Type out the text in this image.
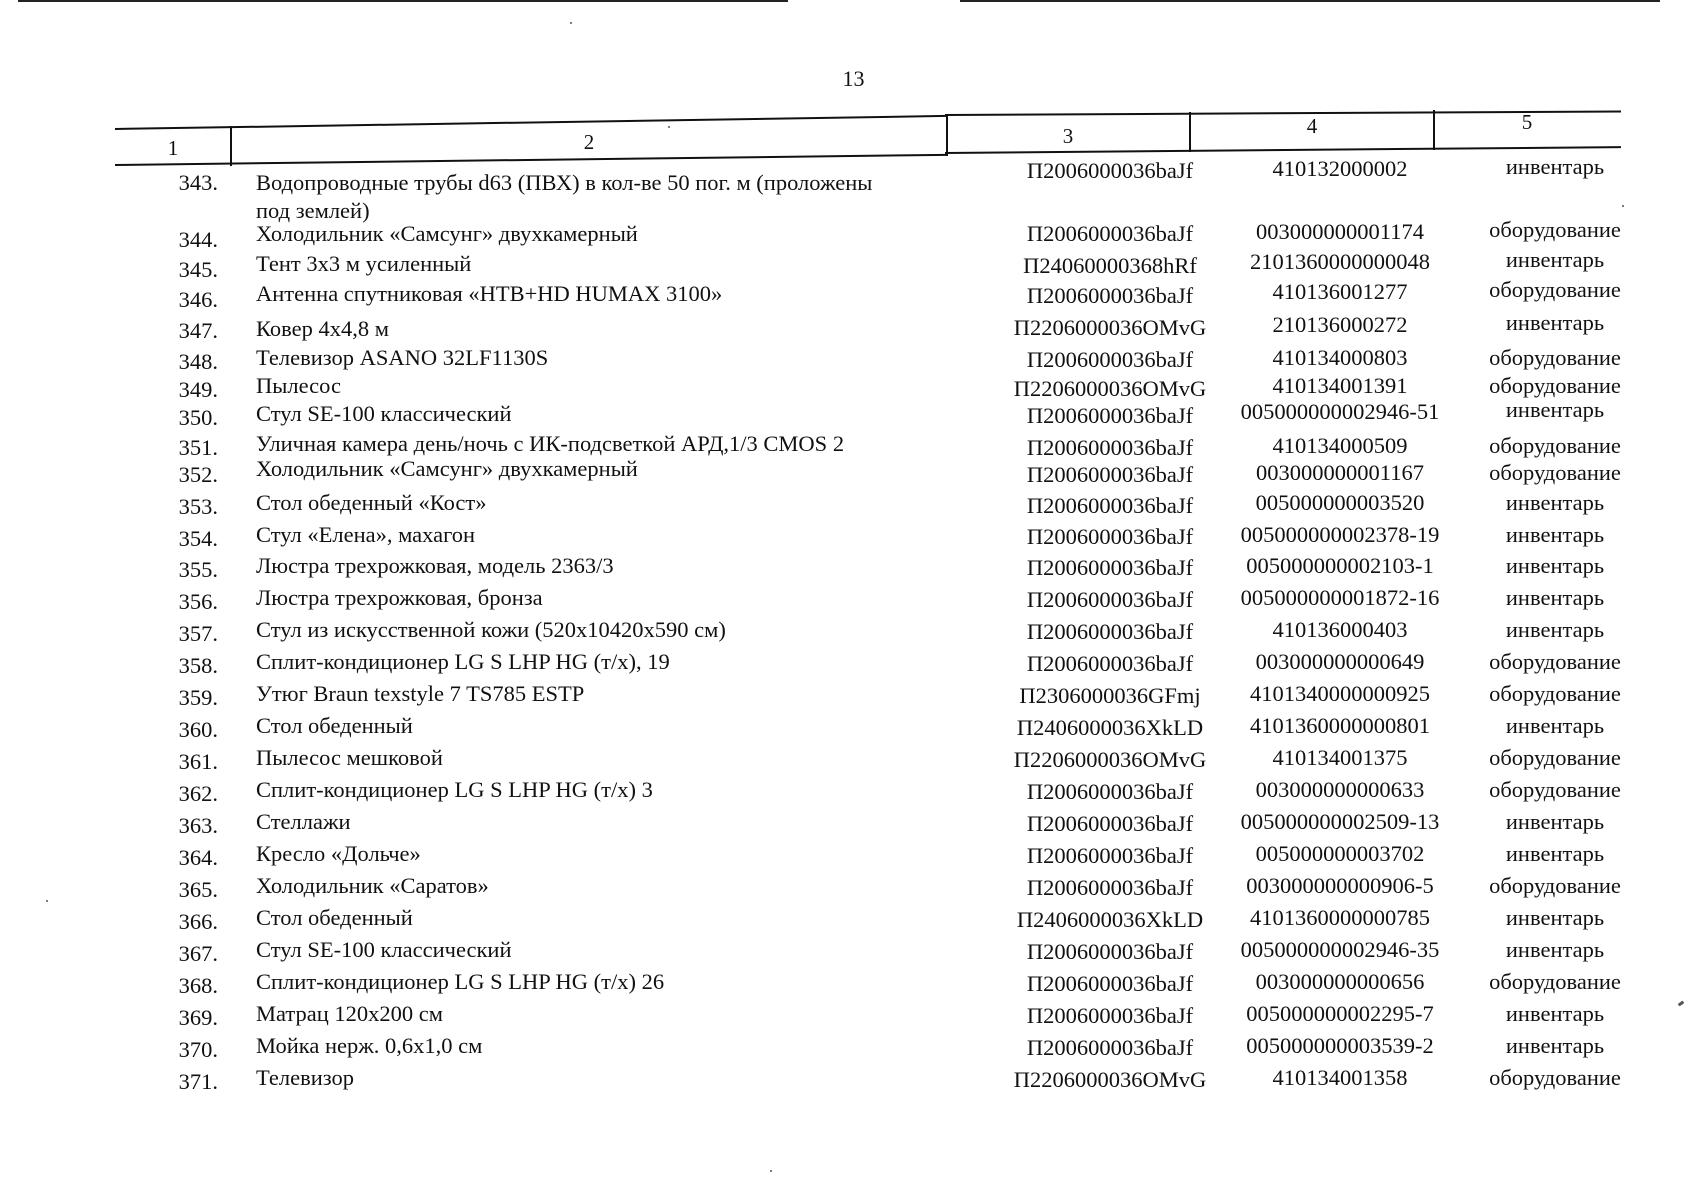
13
1	2	3	4	5
343. Водопроводные трубы d63 (ПВХ) в кол-ве 50 пог. м (проложены	П2006000036baJf	410132000002	инвентарь
под землей)
344. Холодильник «Самсунг» двухкамерный	П2006000036baJf	003000000001174	оборудование
345. Тент 3x3 м усиленный	П24060000368hRf	2101360000000048	инвентарь
346. Антенна спутниковая «НТВ+HD HUMAX 3100»	П2006000036baJf	410136001277	оборудование
347. Ковер 4x4,8 м	П2206000036OMvG	210136000272	инвентарь
348. Телевизор ASANO 32LF1130S	П2006000036baJf	410134000803	оборудование
349. Пылесос	П2206000036OMvG	410134001391	оборудование
350. Стул SE-100 классический	П2006000036baJf	005000000002946-51	инвентарь
351. Уличная камера день/ночь с ИК-подсветкой АРД,1/3 CMOS 2	П2006000036baJf	410134000509	оборудование
352. Холодильник «Самсунг» двухкамерный	П2006000036baJf	003000000001167	оборудование
353. Стол обеденный «Кост»	П2006000036baJf	005000000003520	инвентарь
354. Стул «Елена», махагон	П2006000036baJf	005000000002378-19	инвентарь
355. Люстра трехрожковая, модель 2363/3	П2006000036baJf	005000000002103-1	инвентарь
356. Люстра трехрожковая, бронза	П2006000036baJf	005000000001872-16	инвентарь
357. Стул из искусственной кожи (520x10420x590 см)	П2006000036baJf	410136000403	инвентарь
358. Сплит-кондиционер LG S LHP HG (т/х), 19	П2006000036baJf	003000000000649	оборудование
359. Утюг Braun texstyle 7 TS785 ESTP	П2306000036GFmj	4101340000000925	оборудование
360. Стол обеденный	П2406000036XkLD	4101360000000801	инвентарь
361. Пылесос мешковой	П2206000036OMvG	410134001375	оборудование
362. Сплит-кондиционер LG S LHP HG (т/х) 3	П2006000036baJf	003000000000633	оборудование
363. Стеллажи	П2006000036baJf	005000000002509-13	инвентарь
364. Кресло «Дольче»	П2006000036baJf	005000000003702	инвентарь
365. Холодильник «Саратов»	П2006000036baJf	003000000000906-5	оборудование
366. Стол обеденный	П2406000036XkLD	4101360000000785	инвентарь
367. Стул SE-100 классический	П2006000036baJf	005000000002946-35	инвентарь
368. Сплит-кондиционер LG S LHP HG (т/х) 26	П2006000036baJf	003000000000656	оборудование
369. Матрац 120x200 см	П2006000036baJf	005000000002295-7	инвентарь
370. Мойка нерж. 0,6x1,0 см	П2006000036baJf	005000000003539-2	инвентарь
371. Телевизор	П2206000036OMvG	410134001358	оборудование
